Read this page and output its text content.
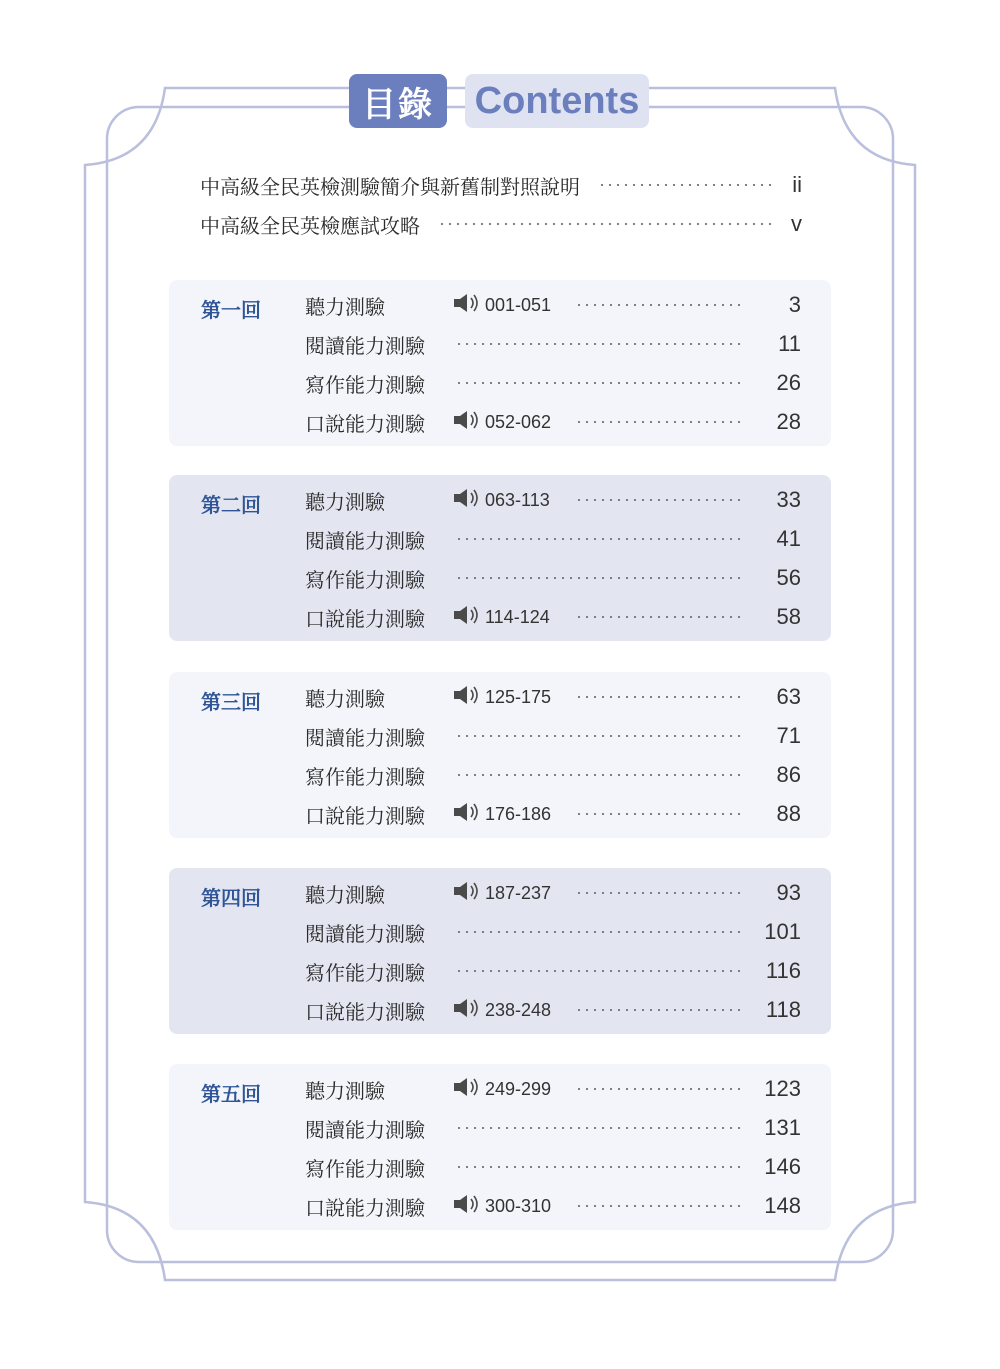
目錄	Contents
中高級全民英檢測驗簡介與新舊制對照說明	ii
中高級全民英檢應試攻略	v
第一回 聽力測驗	001-051	3
閱讀能力測驗	11
寫作能力測驗	26
口說能力測驗	052-062	28
第二回 聽力測驗	063-113	33
閱讀能力測驗	41
寫作能力測驗	56
口說能力測驗	114-124	58
第三回 聽力測驗	125-175	63
閱讀能力測驗	71
寫作能力測驗	86
口說能力測驗	176-186	88
第四回 聽力測驗	187-237	93
閱讀能力測驗	101
寫作能力測驗	116
口說能力測驗	238-248	118
第五回 聽力測驗	249-299	123
閱讀能力測驗	131
寫作能力測驗	146
口說能力測驗	300-310	148
